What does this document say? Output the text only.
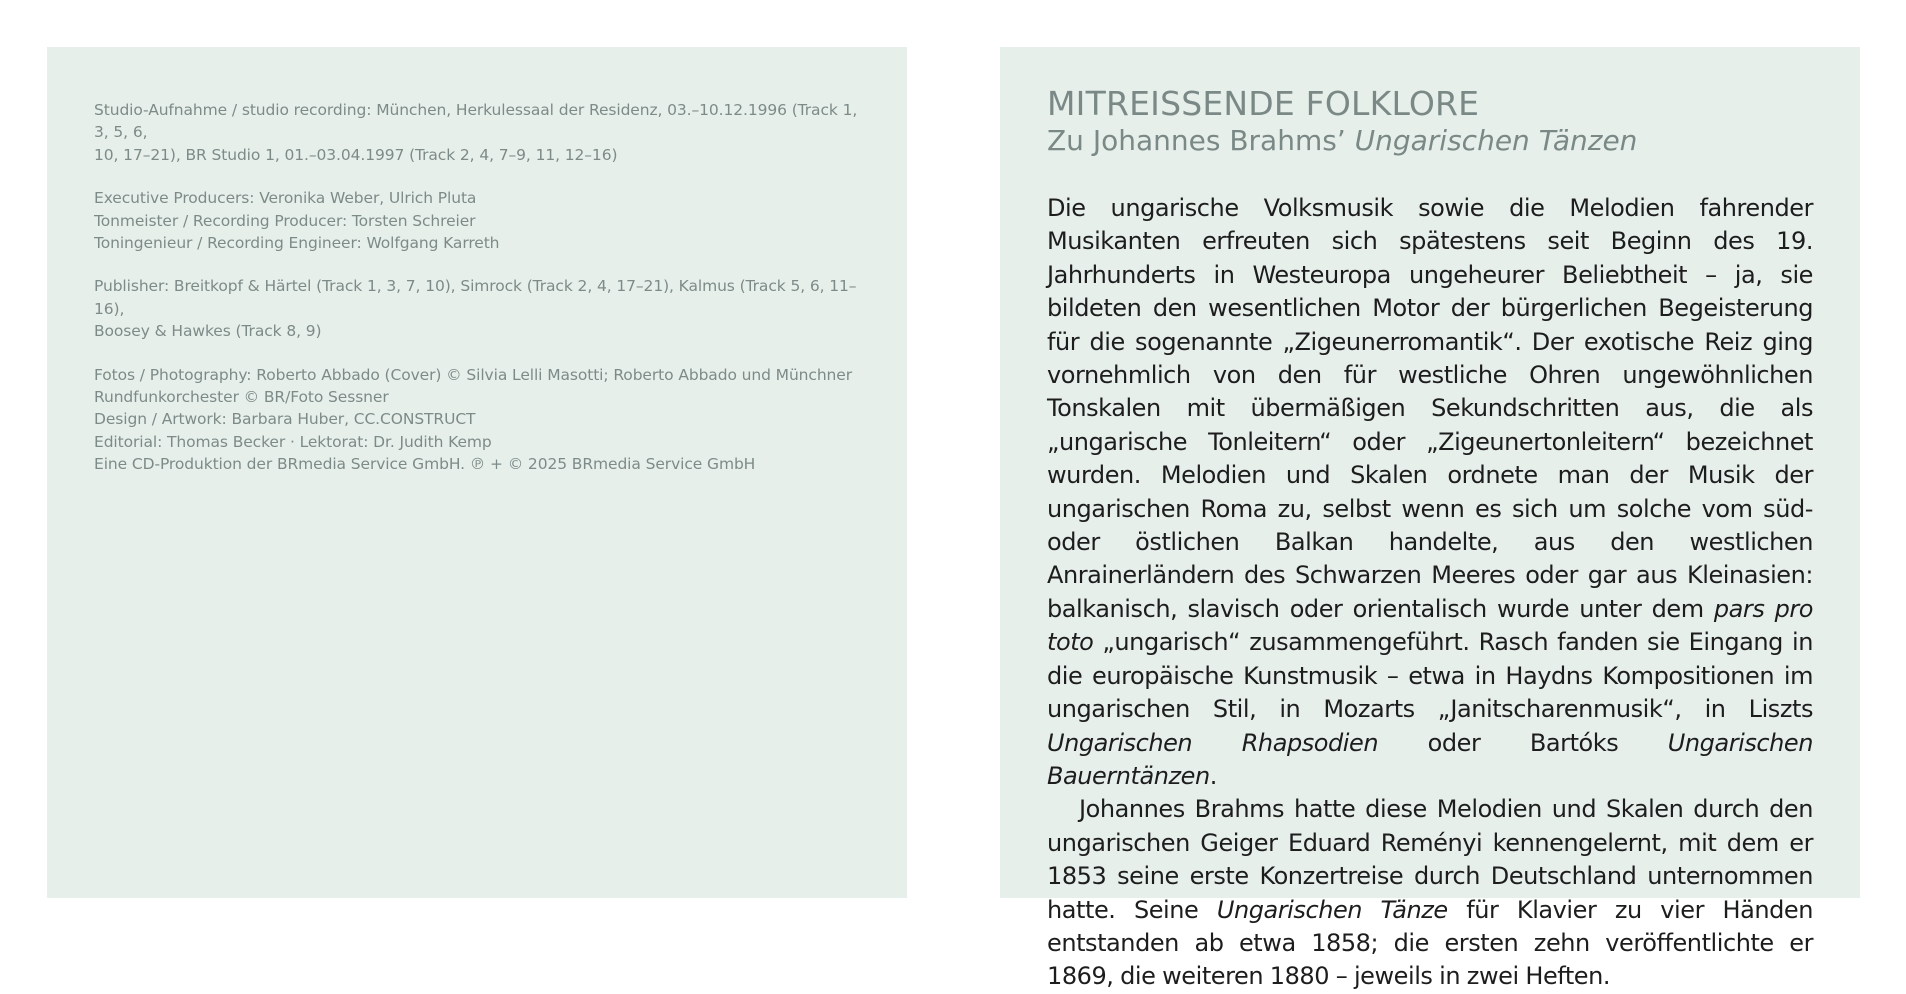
Studio-Aufnahme / studio recording: München, Herkulessaal der Residenz, 03.–10.12.1996 (Track 1, 3, 5, 6,
10, 17–21), BR Studio 1, 01.–03.04.1997 (Track 2, 4, 7–9, 11, 12–16)
Executive Producers: Veronika Weber, Ulrich Pluta
Tonmeister / Recording Producer: Torsten Schreier
Toningenieur / Recording Engineer: Wolfgang Karreth
Publisher: Breitkopf & Härtel (Track 1, 3, 7, 10), Simrock (Track 2, 4, 17–21), Kalmus (Track 5, 6, 11–16),
Boosey & Hawkes (Track 8, 9)
Fotos / Photography: Roberto Abbado (Cover) © Silvia Lelli Masotti; Roberto Abbado und Münchner
Rundfunkorchester © BR/Foto Sessner
Design / Artwork: Barbara Huber, CC.CONSTRUCT
Editorial: Thomas Becker · Lektorat: Dr. Judith Kemp
Eine CD-Produktion der BRmedia Service GmbH. ℗ + © 2025 BRmedia Service GmbH
MITREISSENDE FOLKLORE
Zu Johannes Brahms’ Ungarischen Tänzen

Die ungarische Volksmusik sowie die Melodien fahrender Musikanten erfreuten sich spätestens seit Beginn des 19. Jahrhunderts in Westeuropa ungeheurer Beliebtheit – ja, sie bildeten den wesentlichen Motor der bürgerlichen Begeisterung für die sogenannte „Zigeunerromantik“. Der exotische Reiz ging vornehmlich von den für westliche Ohren ungewöhnlichen Tonskalen mit übermäßigen Sekundschritten aus, die als „ungarische Tonleitern“ oder „Zigeunertonleitern“ bezeichnet wurden. Melodien und Skalen ordnete man der Musik der ungarischen Roma zu, selbst wenn es sich um solche vom süd- oder östlichen Balkan handelte, aus den westlichen Anrainerländern des Schwarzen Meeres oder gar aus Kleinasien: balkanisch, slavisch oder orientalisch wurde unter dem pars pro toto „ungarisch“ zusammengeführt. Rasch fanden sie Eingang in die europäische Kunstmusik – etwa in Haydns Kompositionen im ungarischen Stil, in Mozarts „Janitscharenmusik“, in Liszts Ungarischen Rhapsodien oder Bartóks Ungarischen Bauerntänzen.

Johannes Brahms hatte diese Melodien und Skalen durch den ungarischen Geiger Eduard Reményi kennengelernt, mit dem er 1853 seine erste Konzertreise durch Deutschland unternommen hatte. Seine Ungarischen Tänze für Klavier zu vier Händen entstanden ab etwa 1858; die ersten zehn veröffentlichte er 1869, die weiteren 1880 – jeweils in zwei Heften.
